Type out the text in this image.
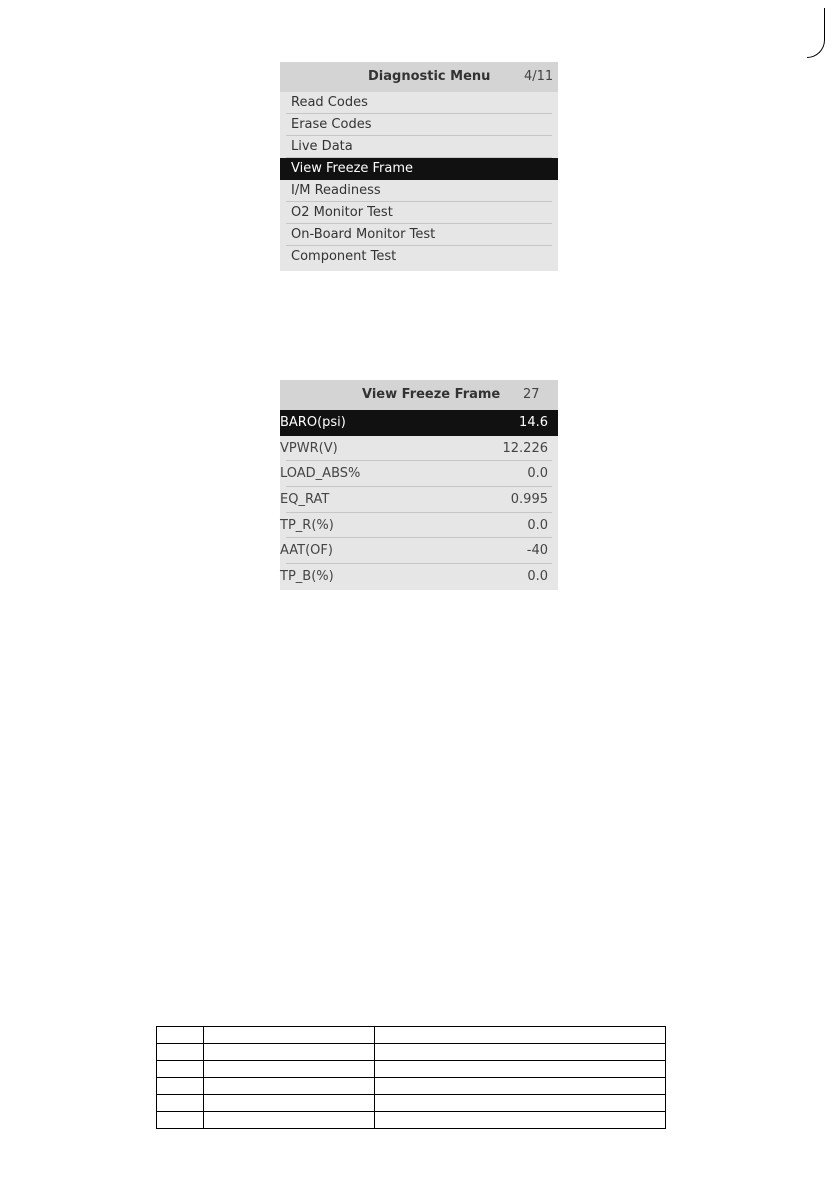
Diagnostic Menu	4/11
Read Codes
Erase Codes
Live Data
View Freeze Frame
I/M Readiness
O2 Monitor Test
On-Board Monitor Test
Component Test
View Freeze Frame 27
BARO(psi)	14.6
VPWR(V)	12.226
LOAD_ABS%	0.0
EQ_RAT	0.995
TP_R(%)	0.0
AAT(OF)	-40
TP_B(%)	0.0
